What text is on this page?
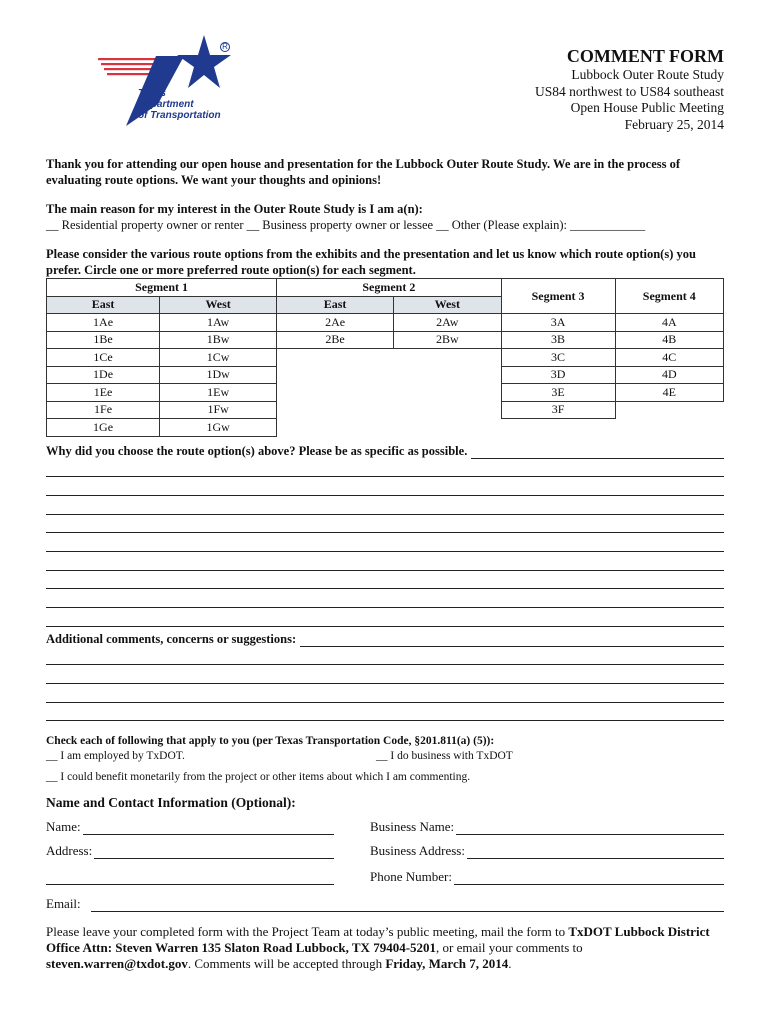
Texas
Department
of Transportation
R	COMMENT FORM
Lubbock Outer Route Study
US84 northwest to US84 southeast
Open House Public Meeting
February 25, 2014

Thank you for attending our open house and presentation for the Lubbock Outer Route Study. We are in the process of evaluating route options. We want your thoughts and opinions!

The main reason for my interest in the Outer Route Study is I am a(n):

__ Residential property owner or renter __ Business property owner or lessee __ Other (Please explain): ____________

Please consider the various route options from the exhibits and the presentation and let us know which route option(s) you prefer. Circle one or more preferred route option(s) for each segment.

Segment 1		Segment 2		Segment 3	Segment 4
East	West	East	West		
1Ae	1Aw	2Ae	2Aw	3A	4A
1Be	1Bw	2Be	2Bw	3B	4B
1Ce	1Cw			3C	4C
1De	1Dw			3D	4D
1Ee	1Ew			3E	4E
1Fe	1Fw			3F	
1Ge	1Gw				
Why did you choose the route option(s) above? Please be as specific as possible.
Additional comments, concerns or suggestions:

Check each of following that apply to you (per Texas Transportation Code, §201.811(a) (5)):

__ I am employed by TxDOT.	__ I do business with TxDOT

__ I could benefit monetarily from the project or other items about which I am commenting.

Name and Contact Information (Optional):

Name:	Business Name:
Address:	Business Address:
Phone Number:
Email:

Please leave your completed form with the Project Team at today’s public meeting, mail the form to TxDOT Lubbock District Office Attn: Steven Warren 135 Slaton Road Lubbock, TX 79404-5201, or email your comments to steven.warren@txdot.gov. Comments will be accepted through Friday, March 7, 2014.
